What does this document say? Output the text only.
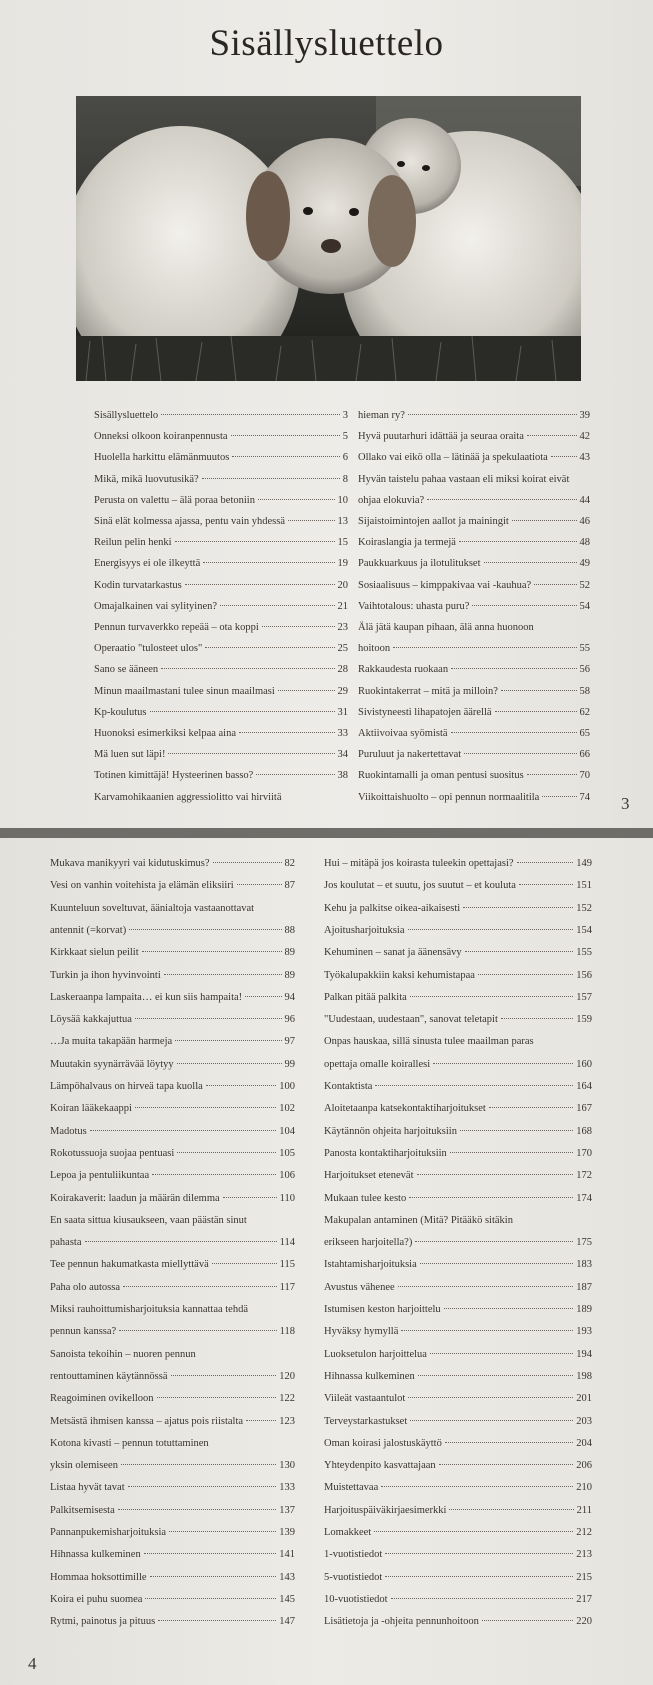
Sisällysluettelo
Sisällysluettelo	3
Onneksi olkoon koiranpennusta	5
Huolella harkittu elämänmuutos	6
Mikä, mikä luovutusikä?	8
Perusta on valettu – älä poraa betoniin	10
Sinä elät kolmessa ajassa, pentu vain yhdessä	13
Reilun pelin henki	15
Energisyys ei ole ilkeyttä	19
Kodin turvatarkastus	20
Omajalkainen vai sylityinen?	21
Pennun turvaverkko repeää – ota koppi	23
Operaatio "tulosteet ulos"	25
Sano se ääneen	28
Minun maailmastani tulee sinun maailmasi	29
Kp-koulutus	31
Huonoksi esimerkiksi kelpaa aina	33
Mä luen sut läpi!	34
Totinen kimittäjä! Hysteerinen basso?	38
Karvamohikaanien aggressiolitto vai hirviitä
hieman ry?	39
Hyvä puutarhuri idättää ja seuraa oraita	42
Ollako vai eikö olla – lätinää ja spekulaatiota	43
Hyvän taistelu pahaa vastaan eli miksi koirat eivät
ohjaa elokuvia?	44
Sijaistoimintojen aallot ja mainingit	46
Koiraslangia ja termejä	48
Paukkuarkuus ja ilotulitukset	49
Sosiaalisuus – kimppakivaa vai -kauhua?	52
Vaihtotalous: uhasta puru?	54
Älä jätä kaupan pihaan, älä anna huonoon
hoitoon	55
Rakkaudesta ruokaan	56
Ruokintakerrat – mitä ja milloin?	58
Sivistyneesti lihapatojen äärellä	62
Aktiivoivaa syömistä	65
Puruluut ja nakertettavat	66
Ruokintamalli ja oman pentusi suositus	70
Viikoittaishuolto – opi pennun normaalitila	74 3
Mukava manikyyri vai kidutuskimus?	82
Vesi on vanhin voitehista ja elämän eliksiiri	87
Kuunteluun soveltuvat, äänialtoja vastaanottavat
antennit (=korvat)	88
Kirkkaat sielun peilit	89
Turkin ja ihon hyvinvointi	89
Laskeraanpa lampaita… ei kun siis hampaita!	94
Löysää kakkajuttua	96
…Ja muita takapään harmeja	97
Muutakin syynärrävää löytyy	99
Lämpöhalvaus on hirveä tapa kuolla	100
Koiran lääkekaappi	102
Madotus	104
Rokotussuoja suojaa pentuasi	105
Lepoa ja pentuliikuntaa	106
Koirakaverit: laadun ja määrän dilemma	110
En saata sittua kiusaukseen, vaan päästän sinut
pahasta	114
Tee pennun hakumatkasta miellyttävä	115
Paha olo autossa	117
Miksi rauhoittumisharjoituksia kannattaa tehdä
pennun kanssa?	118
Sanoista tekoihin – nuoren pennun
rentouttaminen käytännössä	120
Reagoiminen ovikelloon	122
Metsästä ihmisen kanssa – ajatus pois riistalta	123
Kotona kivasti – pennun totuttaminen
yksin olemiseen	130
Listaa hyvät tavat	133
Palkitsemisesta	137
Pannanpukemisharjoituksia	139
Hihnassa kulkeminen	141
Hommaa hoksottimille	143
Koira ei puhu suomea	145
Rytmi, painotus ja pituus	147
Hui – mitäpä jos koirasta tuleekin opettajasi?	149
Jos koulutat – et suutu, jos suutut – et kouluta	151
Kehu ja palkitse oikea-aikaisesti	152
Ajoitusharjoituksia	154
Kehuminen – sanat ja äänensävy	155
Työkalupakkiin kaksi kehumistapaa	156
Palkan pitää palkita	157
"Uudestaan, uudestaan", sanovat teletapit	159
Onpas hauskaa, sillä sinusta tulee maailman paras
opettaja omalle koirallesi	160
Kontaktista	164
Aloitetaanpa katsekontaktiharjoitukset	167
Käytännön ohjeita harjoituksiin	168
Panosta kontaktiharjoituksiin	170
Harjoitukset etenevät	172
Mukaan tulee kesto	174
Makupalan antaminen (Mitä? Pitääkö sitäkin
erikseen harjoitella?)	175
Istahtamisharjoituksia	183
Avustus vähenee	187
Istumisen keston harjoittelu	189
Hyväksy hymyllä	193
Luoksetulon harjoittelua	194
Hihnassa kulkeminen	198
Viileät vastaantulot	201
Terveystarkastukset	203
Oman koirasi jalostuskäyttö	204
Yhteydenpito kasvattajaan	206
Muistettavaa	210
Harjoituspäiväkirjaesimerkki	211
Lomakkeet	212
1-vuotistiedot	213
5-vuotistiedot	215
10-vuotistiedot	217
Lisätietoja ja -ohjeita pennunhoitoon	220
4
